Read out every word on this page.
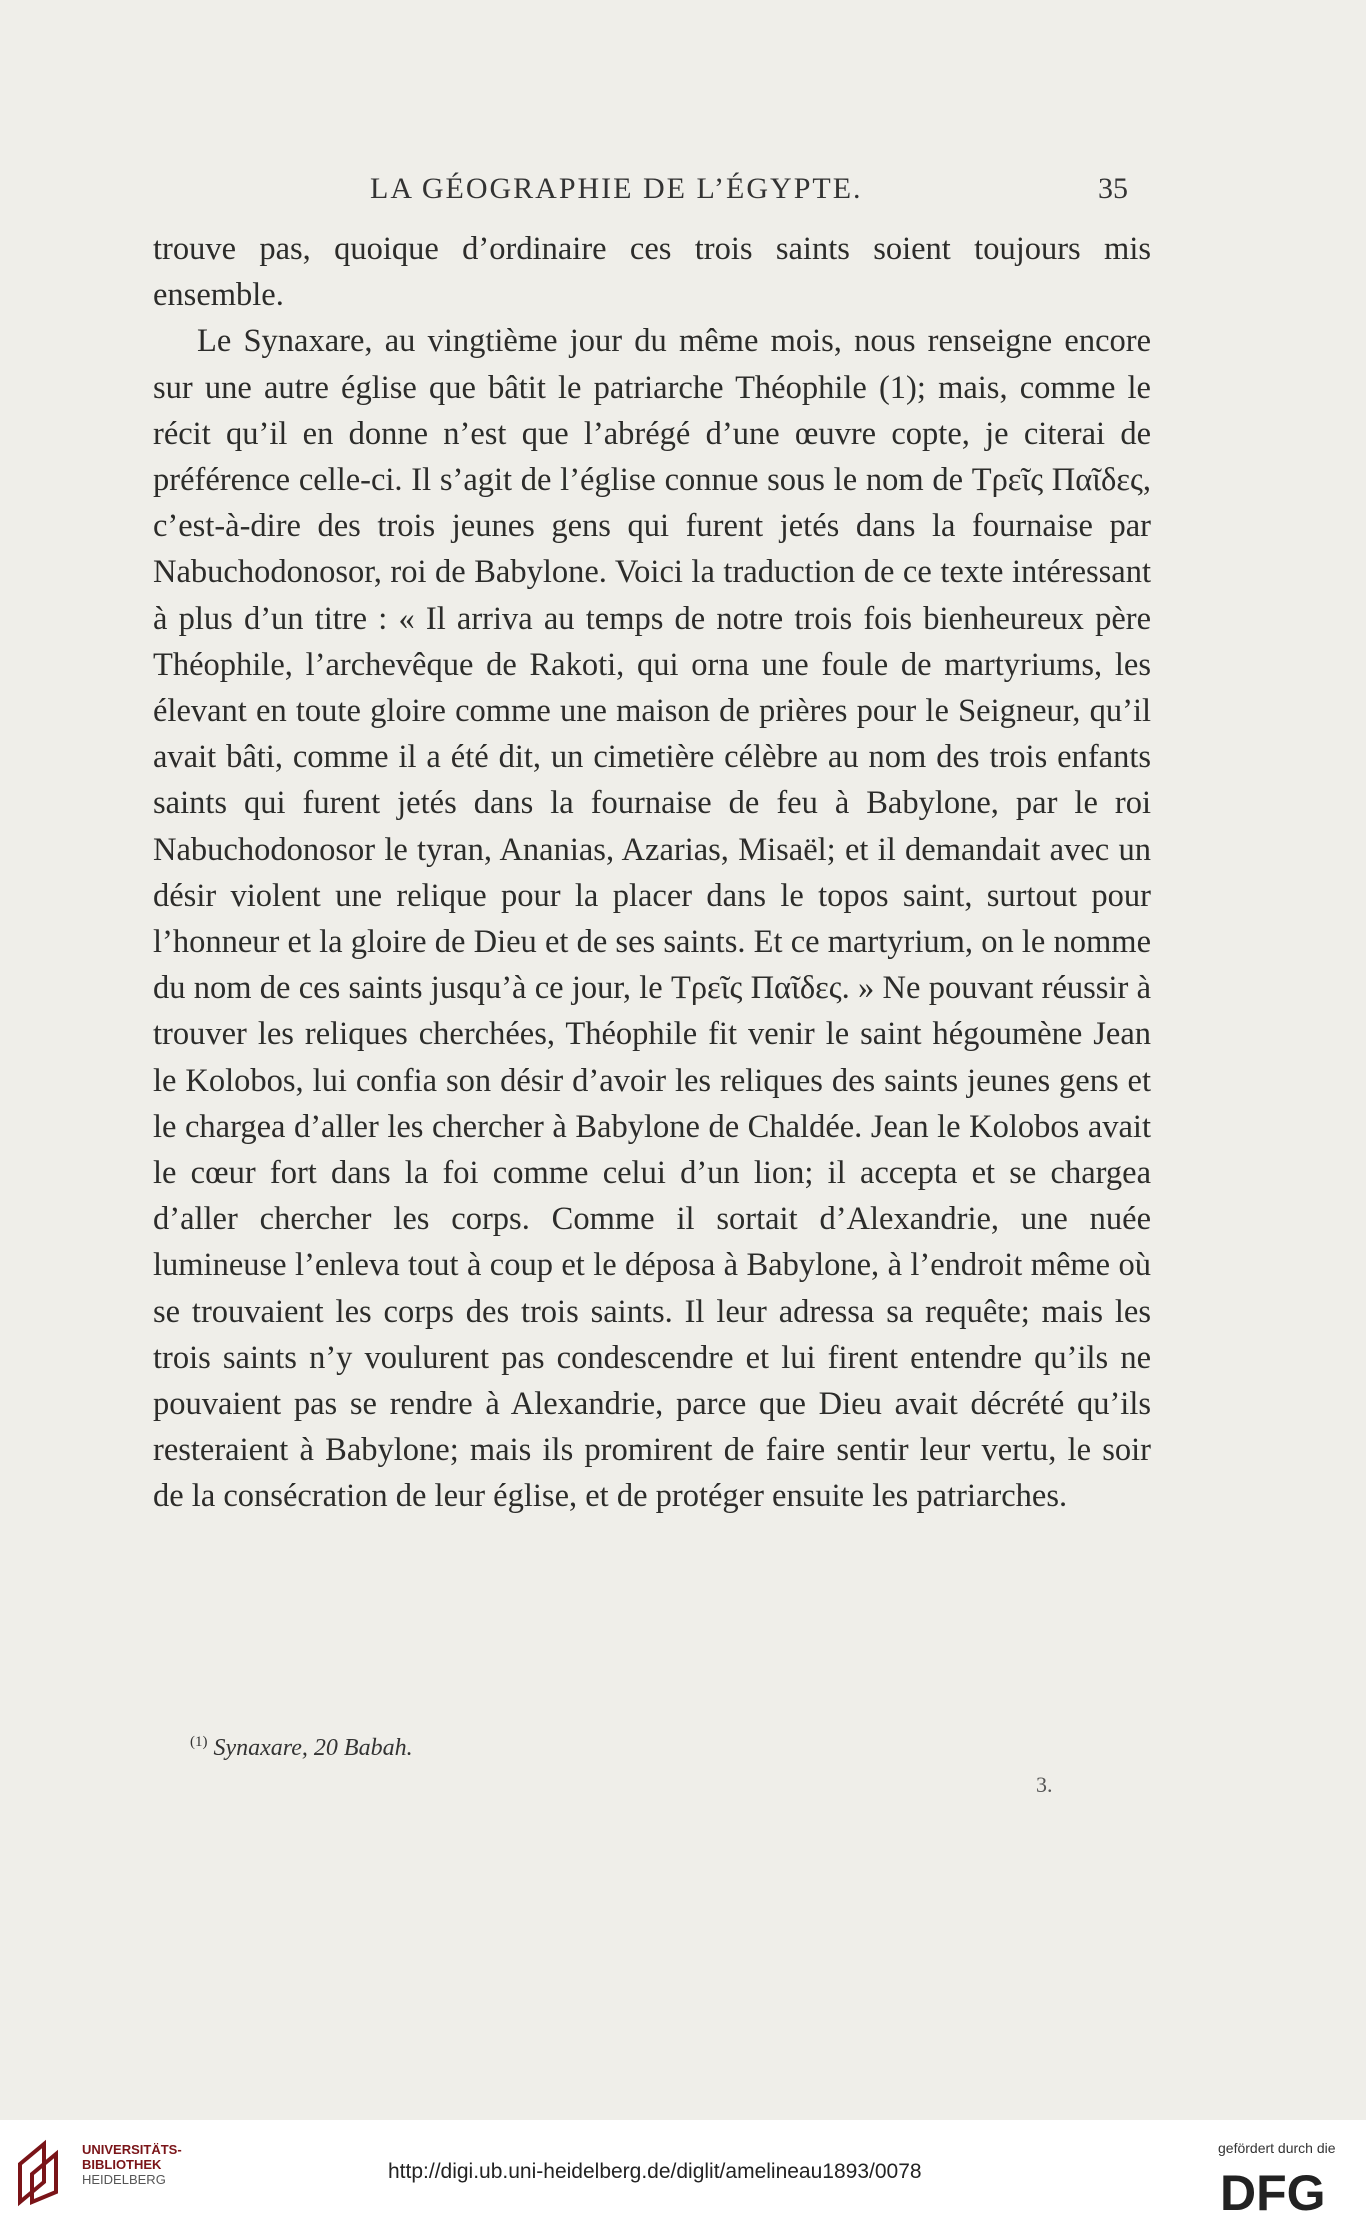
LA GÉOGRAPHIE DE L’ÉGYPTE.	35

trouve pas, quoique d’ordinaire ces trois saints soient toujours mis ensemble.

Le Synaxare, au vingtième jour du même mois, nous renseigne encore sur une autre église que bâtit le patriarche Théophile (1); mais, comme le récit qu’il en donne n’est que l’abrégé d’une œuvre copte, je citerai de préférence celle-ci. Il s’agit de l’église connue sous le nom de Τρεῖς Παῖδες, c’est-à-dire des trois jeunes gens qui furent jetés dans la fournaise par Nabuchodonosor, roi de Babylone. Voici la traduction de ce texte intéressant à plus d’un titre : « Il arriva au temps de notre trois fois bienheureux père Théophile, l’archevêque de Rakoti, qui orna une foule de martyriums, les élevant en toute gloire comme une maison de prières pour le Seigneur, qu’il avait bâti, comme il a été dit, un cimetière célèbre au nom des trois enfants saints qui furent jetés dans la fournaise de feu à Babylone, par le roi Nabuchodonosor le tyran, Ananias, Azarias, Misaël; et il demandait avec un désir violent une relique pour la placer dans le topos saint, surtout pour l’honneur et la gloire de Dieu et de ses saints. Et ce martyrium, on le nomme du nom de ces saints jusqu’à ce jour, le Τρεῖς Παῖδες. » Ne pouvant réussir à trouver les reliques cherchées, Théophile fit venir le saint hégoumène Jean le Kolobos, lui confia son désir d’avoir les reliques des saints jeunes gens et le chargea d’aller les chercher à Babylone de Chaldée. Jean le Kolobos avait le cœur fort dans la foi comme celui d’un lion; il accepta et se chargea d’aller chercher les corps. Comme il sortait d’Alexandrie, une nuée lumineuse l’enleva tout à coup et le déposa à Babylone, à l’endroit même où se trouvaient les corps des trois saints. Il leur adressa sa requête; mais les trois saints n’y voulurent pas condescendre et lui firent entendre qu’ils ne pouvaient pas se rendre à Alexandrie, parce que Dieu avait décrété qu’ils resteraient à Babylone; mais ils promirent de faire sentir leur vertu, le soir de la consécration de leur église, et de protéger ensuite les patriarches.

$^{(1)}$ Synaxare, 20 Babah.
3.
UNIVERSITÄTS-
BIBLIOTHEK
HEIDELBERG	http://digi.ub.uni-heidelberg.de/diglit/amelineau1893/0078
gefördert durch die
DFG
